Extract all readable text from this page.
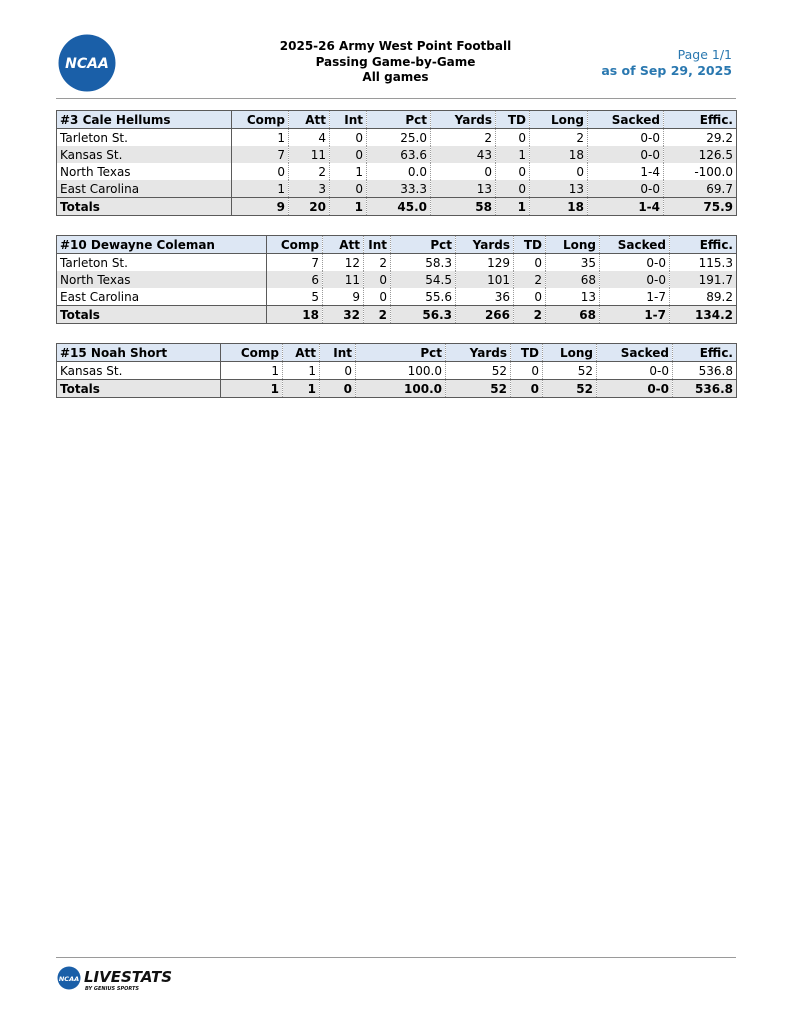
NCAA
2025-26 Army West Point Football
Passing Game-by-Game
All games
Page 1/1
as of Sep 29, 2025
#3 Cale Hellums	Comp	Att	Int	Pct	Yards	TD	Long	Sacked	Effic.
Tarleton St.	1	4	0	25.0	2	0	2	0-0	29.2
Kansas St.	7	11	0	63.6	43	1	18	0-0	126.5
North Texas	0	2	1	0.0	0	0	0	1-4	-100.0
East Carolina	1	3	0	33.3	13	0	13	0-0	69.7
Totals	9	20	1	45.0	58	1	18	1-4	75.9
#10 Dewayne Coleman	Comp	Att	Int	Pct	Yards	TD	Long	Sacked	Effic.
Tarleton St.	7	12	2	58.3	129	0	35	0-0	115.3
North Texas	6	11	0	54.5	101	2	68	0-0	191.7
East Carolina	5	9	0	55.6	36	0	13	1-7	89.2
Totals	18	32	2	56.3	266	2	68	1-7	134.2
#15 Noah Short	Comp	Att	Int	Pct	Yards	TD	Long	Sacked	Effic.
Kansas St.	1	1	0	100.0	52	0	52	0-0	536.8
Totals	1	1	0	100.0	52	0	52	0-0	536.8
NCAA LIVESTATS
BY GENIUS SPORTS
